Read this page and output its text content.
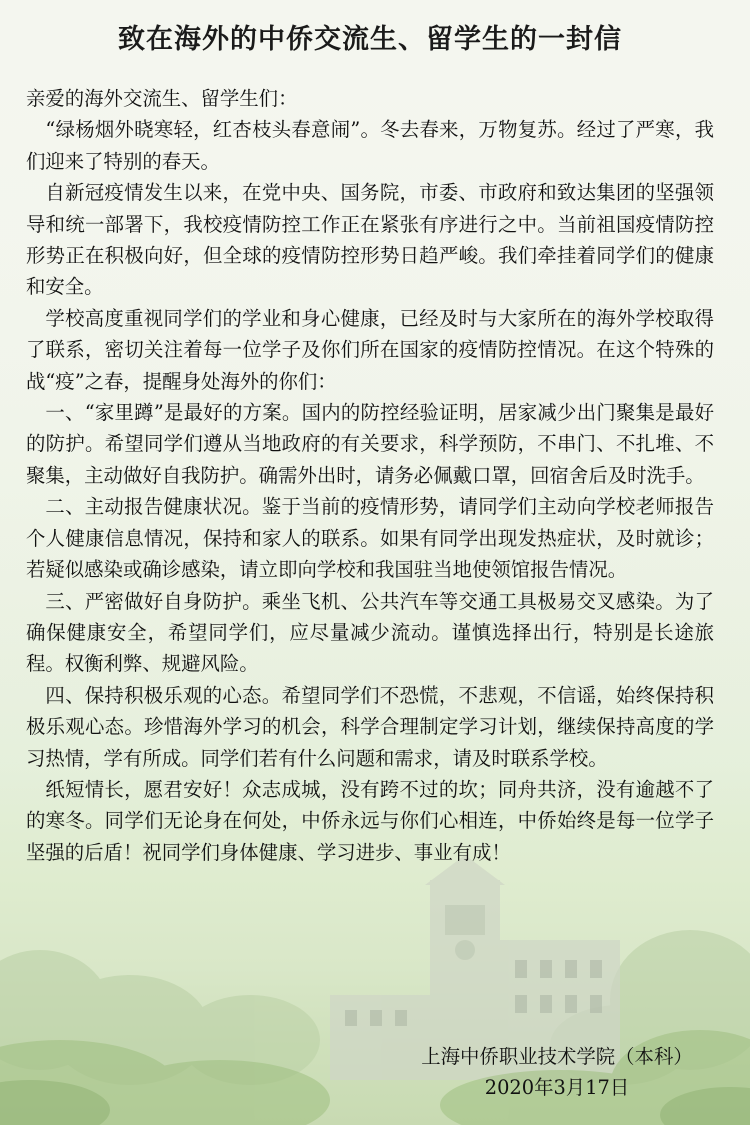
致在海外的中侨交流生、留学生的一封信

亲爱的海外交流生、留学生们：

“绿杨烟外晓寒轻，红杏枝头春意闹”。冬去春来，万物复苏。经过了严寒，我们迎来了特别的春天。

自新冠疫情发生以来，在党中央、国务院，市委、市政府和致达集团的坚强领导和统一部署下，我校疫情防控工作正在紧张有序进行之中。当前祖国疫情防控形势正在积极向好，但全球的疫情防控形势日趋严峻。我们牵挂着同学们的健康和安全。

学校高度重视同学们的学业和身心健康，已经及时与大家所在的海外学校取得了联系，密切关注着每一位学子及你们所在国家的疫情防控情况。在这个特殊的战“疫”之春，提醒身处海外的你们：

一、“家里蹲”是最好的方案。国内的防控经验证明，居家减少出门聚集是最好的防护。希望同学们遵从当地政府的有关要求，科学预防，不串门、不扎堆、不聚集，主动做好自我防护。确需外出时，请务必佩戴口罩，回宿舍后及时洗手。

二、主动报告健康状况。鉴于当前的疫情形势，请同学们主动向学校老师报告个人健康信息情况，保持和家人的联系。如果有同学出现发热症状，及时就诊；若疑似感染或确诊感染，请立即向学校和我国驻当地使领馆报告情况。

三、严密做好自身防护。乘坐飞机、公共汽车等交通工具极易交叉感染。为了确保健康安全，希望同学们，应尽量减少流动。谨慎选择出行，特别是长途旅程。权衡利弊、规避风险。

四、保持积极乐观的心态。希望同学们不恐慌，不悲观，不信谣，始终保持积极乐观心态。珍惜海外学习的机会，科学合理制定学习计划，继续保持高度的学习热情，学有所成。同学们若有什么问题和需求，请及时联系学校。

纸短情长，愿君安好！众志成城，没有跨不过的坎；同舟共济，没有逾越不了的寒冬。同学们无论身在何处，中侨永远与你们心相连，中侨始终是每一位学子坚强的后盾！祝同学们身体健康、学习进步、事业有成！

上海中侨职业技术学院（本科）
2020年3月17日
